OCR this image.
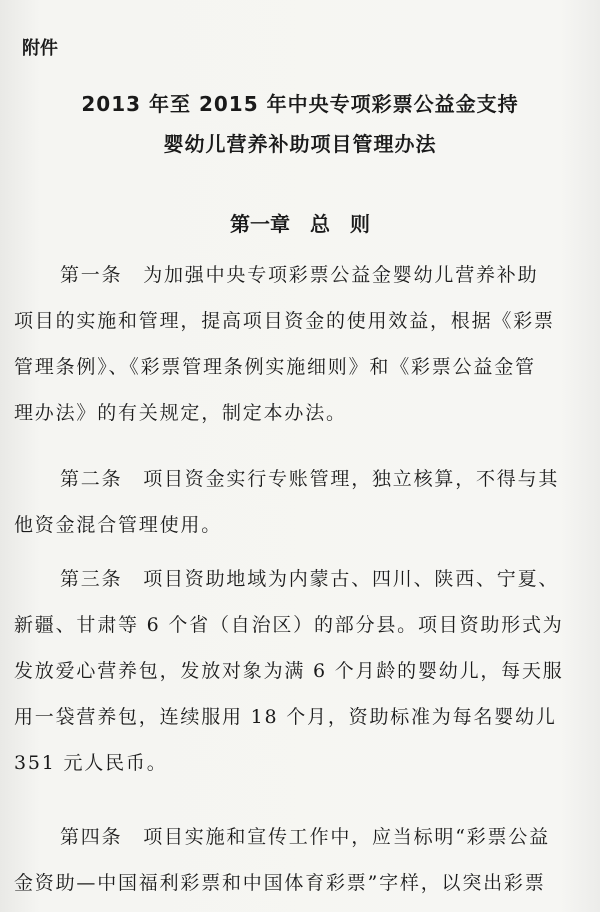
附件
2013 年至 2015 年中央专项彩票公益金支持
婴幼儿营养补助项目管理办法
第一章　总　则
第一条　为加强中央专项彩票公益金婴幼儿营养补助
项目的实施和管理，提高项目资金的使用效益，根据《彩票
管理条例》、《彩票管理条例实施细则》和《彩票公益金管
理办法》的有关规定，制定本办法。
第二条　项目资金实行专账管理，独立核算，不得与其
他资金混合管理使用。
第三条　项目资助地域为内蒙古、四川、陕西、宁夏、
新疆、甘肃等 6 个省（自治区）的部分县。项目资助形式为
发放爱心营养包，发放对象为满 6 个月龄的婴幼儿，每天服
用一袋营养包，连续服用 18 个月，资助标准为每名婴幼儿
351 元人民币。
第四条　项目实施和宣传工作中，应当标明“彩票公益
金资助—中国福利彩票和中国体育彩票”字样，以突出彩票
